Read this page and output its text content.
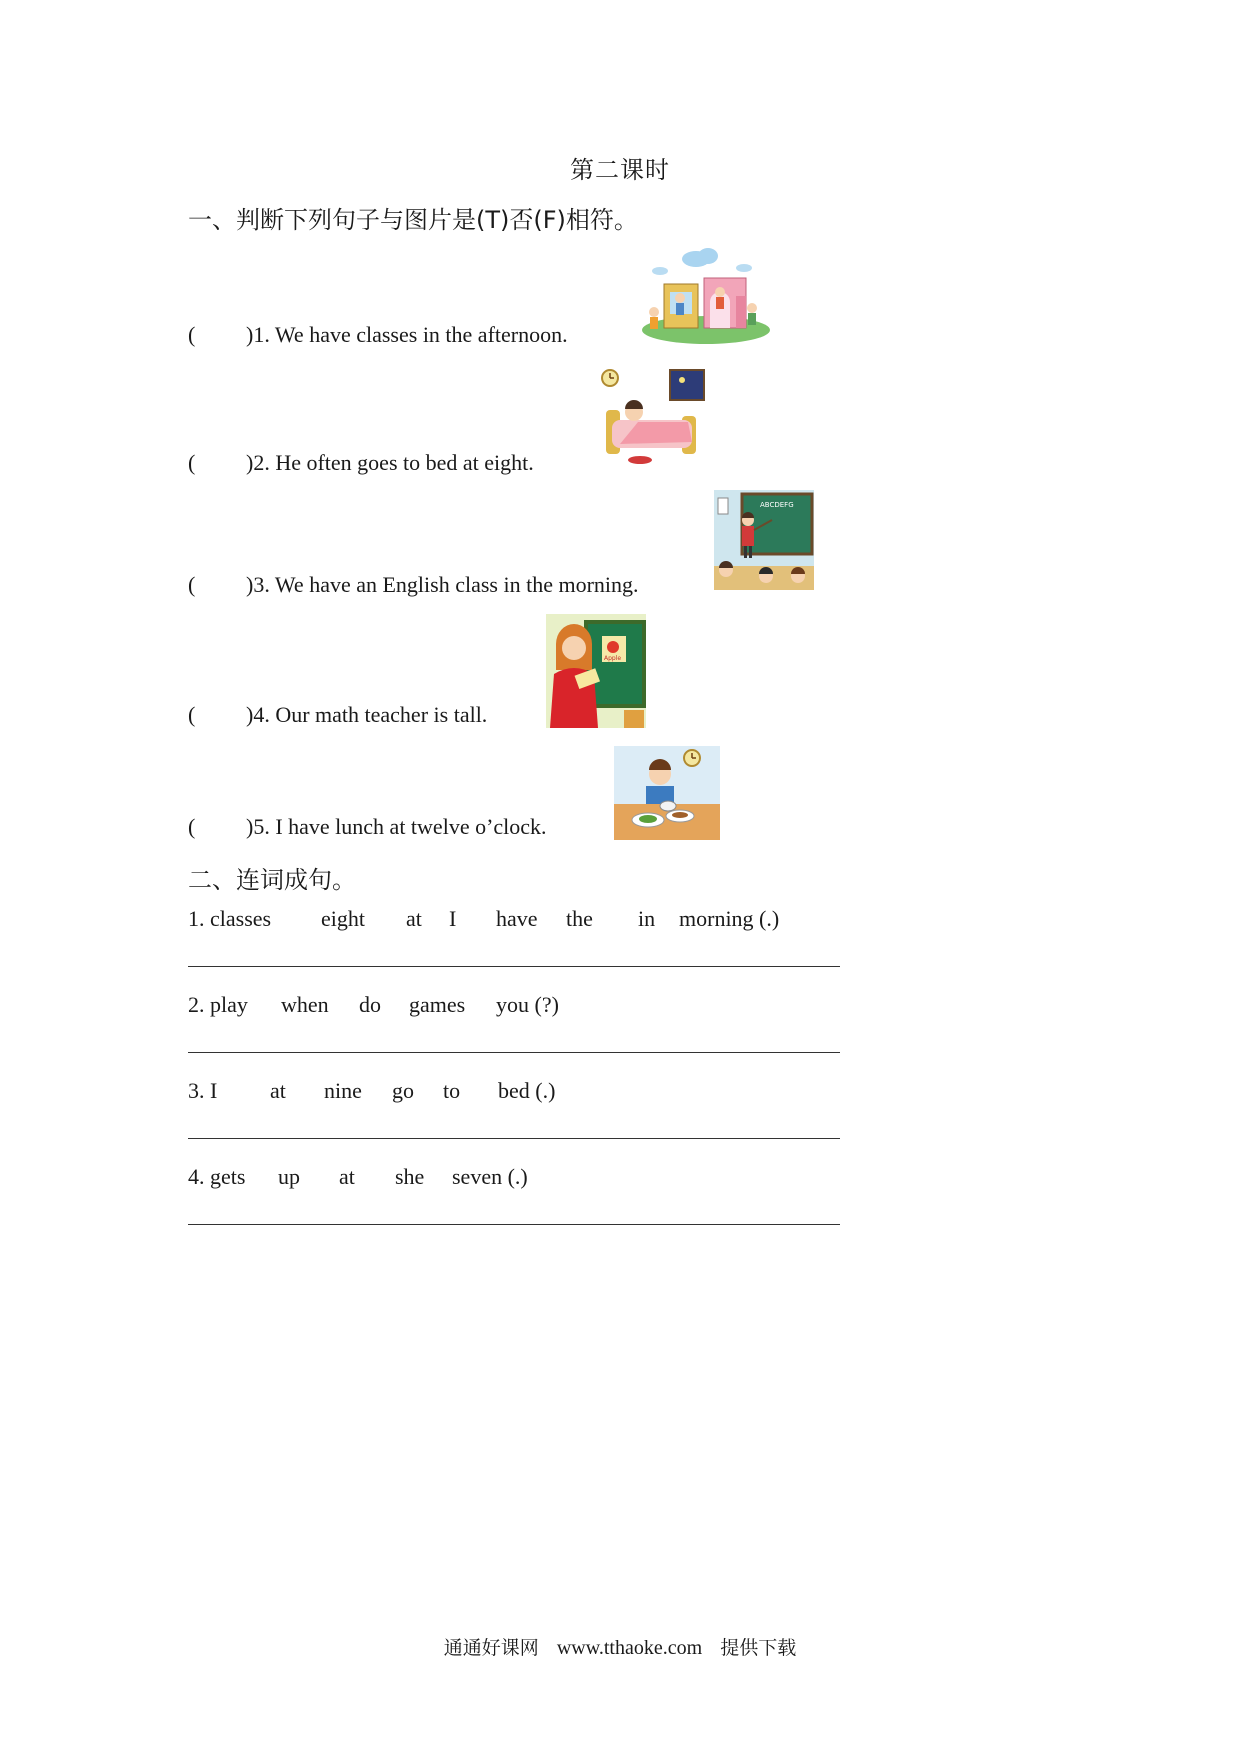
第二课时
一、判断下列句子与图片是(T)否(F)相符。
( )1. We have classes in the afternoon.
( )2. He often goes to bed at eight.
( )3. We have an English class in the morning.
ABCDEFG
( )4. Our math teacher is tall.
Apple
( )5. I have lunch at twelve o’clock.
二、连词成句。
1. classes eight at I have the in morning (.)
2. play when do games you (?)
3. I at nine go to bed (.)
4. gets up at she seven (.)
通通好课网 www.tthaoke.com 提供下载
